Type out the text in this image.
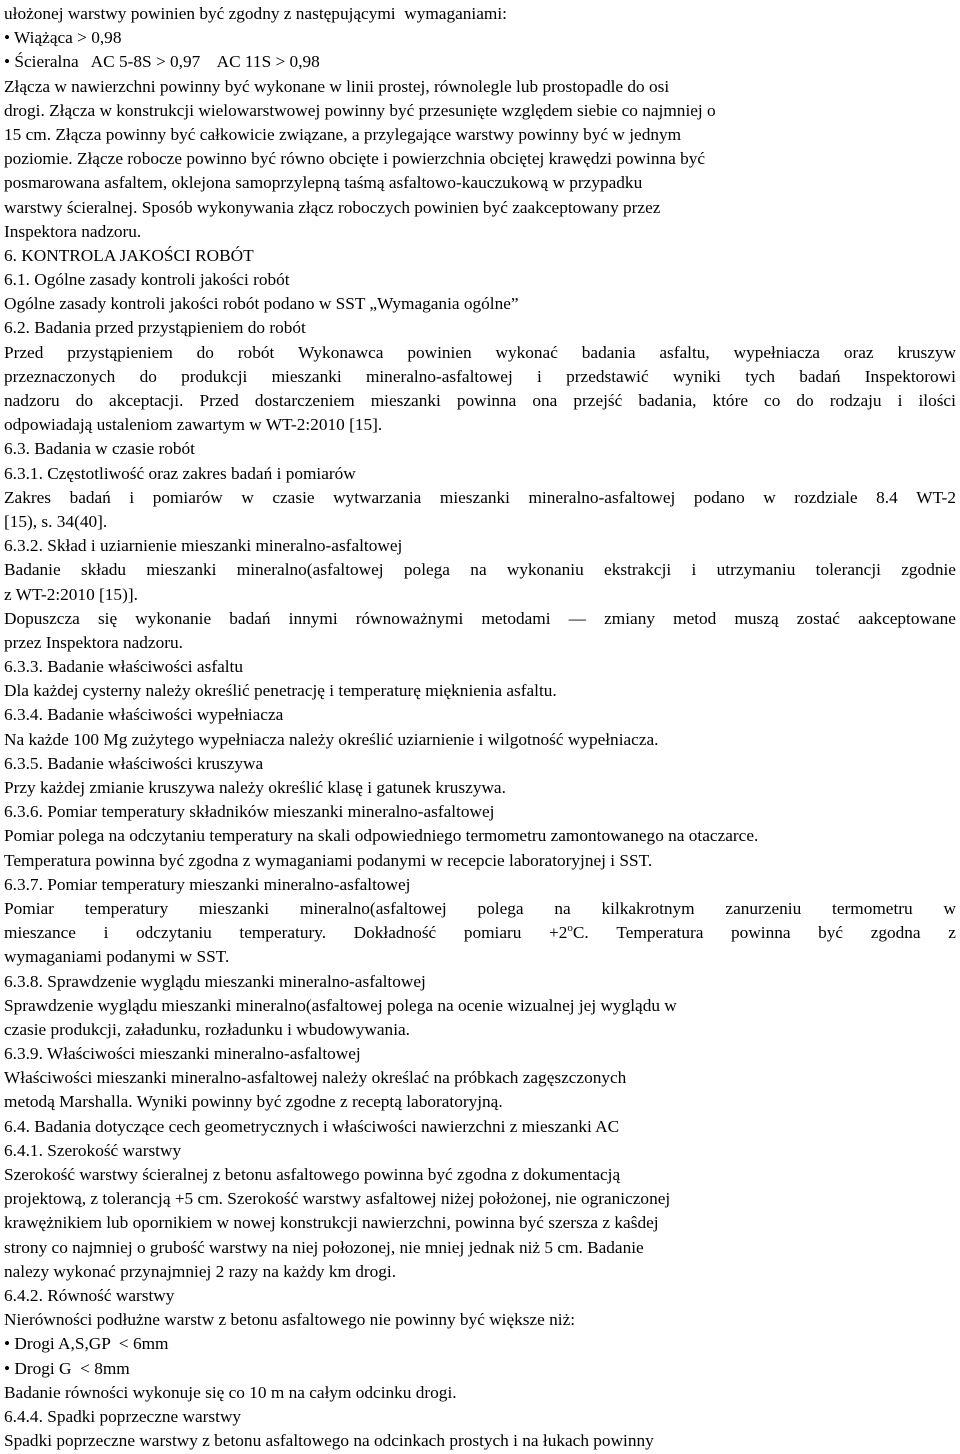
ułożonej warstwy powinien być zgodny z następującymi  wymaganiami:
• Wiążąca > 0,98
• Ścieralna   AC 5-8S > 0,97    AC 11S > 0,98
Złącza w nawierzchni powinny być wykonane w linii prostej, równolegle lub prostopadle do osi
drogi. Złącza w konstrukcji wielowarstwowej powinny być przesunięte względem siebie co najmniej o
15 cm. Złącza powinny być całkowicie związane, a przylegające warstwy powinny być w jednym
poziomie. Złącze robocze powinno być równo obcięte i powierzchnia obciętej krawędzi powinna być
posmarowana asfaltem, oklejona samoprzylepną taśmą asfaltowo-kauczukową w przypadku
warstwy ścieralnej. Sposób wykonywania złącz roboczych powinien być zaakceptowany przez
Inspektora nadzoru.
6. KONTROLA JAKOŚCI ROBÓT
6.1. Ogólne zasady kontroli jakości robót
Ogólne zasady kontroli jakości robót podano w SST „Wymagania ogólne”
6.2. Badania przed przystąpieniem do robót
Przed przystąpieniem do robót Wykonawca powinien wykonać badania asfaltu, wypełniacza oraz kruszyw
przeznaczonych do produkcji mieszanki mineralno-asfaltowej i przedstawić wyniki tych badań Inspektorowi
nadzoru do akceptacji. Przed dostarczeniem mieszanki powinna ona przejść badania, które co do rodzaju i ilości
odpowiadają ustaleniom zawartym w WT-2:2010 [15].
6.3. Badania w czasie robót
6.3.1. Częstotliwość oraz zakres badań i pomiarów
Zakres badań i pomiarów w czasie wytwarzania mieszanki mineralno-asfaltowej podano w rozdziale 8.4 WT-2
[15), s. 34(40].
6.3.2. Skład i uziarnienie mieszanki mineralno-asfaltowej
Badanie składu mieszanki mineralno(asfaltowej polega na wykonaniu ekstrakcji i utrzymaniu tolerancji zgodnie
z WT-2:2010 [15)].
Dopuszcza się wykonanie badań innymi równoważnymi metodami — zmiany metod muszą zostać aakceptowane
przez Inspektora nadzoru.
6.3.3. Badanie właściwości asfaltu
Dla każdej cysterny należy określić penetrację i temperaturę mięknienia asfaltu.
6.3.4. Badanie właściwości wypełniacza
Na każde 100 Mg zużytego wypełniacza należy określić uziarnienie i wilgotność wypełniacza.
6.3.5. Badanie właściwości kruszywa
Przy każdej zmianie kruszywa należy określić klasę i gatunek kruszywa.
6.3.6. Pomiar temperatury składników mieszanki mineralno-asfaltowej
Pomiar polega na odczytaniu temperatury na skali odpowiedniego termometru zamontowanego na otaczarce.
Temperatura powinna być zgodna z wymaganiami podanymi w recepcie laboratoryjnej i SST.
6.3.7. Pomiar temperatury mieszanki mineralno-asfaltowej
Pomiar temperatury mieszanki mineralno(asfaltowej polega na kilkakrotnym zanurzeniu termometru w
mieszance i odczytaniu temperatury. Dokładność pomiaru $+2^oC$. Temperatura powinna być zgodna z
wymaganiami podanymi w SST.
6.3.8. Sprawdzenie wyglądu mieszanki mineralno-asfaltowej
Sprawdzenie wyglądu mieszanki mineralno(asfaltowej polega na ocenie wizualnej jej wyglądu w
czasie produkcji, załadunku, rozładunku i wbudowywania.
6.3.9. Właściwości mieszanki mineralno-asfaltowej
Właściwości mieszanki mineralno-asfaltowej należy określać na próbkach zagęszczonych
metodą Marshalla. Wyniki powinny być zgodne z receptą laboratoryjną.
6.4. Badania dotyczące cech geometrycznych i właściwości nawierzchni z mieszanki AC
6.4.1. Szerokość warstwy
Szerokość warstwy ścieralnej z betonu asfaltowego powinna być zgodna z dokumentacją
projektową, z tolerancją +5 cm. Szerokość warstwy asfaltowej niżej położonej, nie ograniczonej
krawężnikiem lub opornikiem w nowej konstrukcji nawierzchni, powinna być szersza z kaŝdej
strony co najmniej o grubość warstwy na niej połozonej, nie mniej jednak niż 5 cm. Badanie
nalezy wykonać przynajmniej 2 razy na każdy km drogi.
6.4.2. Równość warstwy
Nierówności podłużne warstw z betonu asfaltowego nie powinny być większe niż:
• Drogi A,S,GP  < 6mm
• Drogi G  < 8mm
Badanie równości wykonuje się co 10 m na całym odcinku drogi.
6.4.4. Spadki poprzeczne warstwy
Spadki poprzeczne warstwy z betonu asfaltowego na odcinkach prostych i na łukach powinny
